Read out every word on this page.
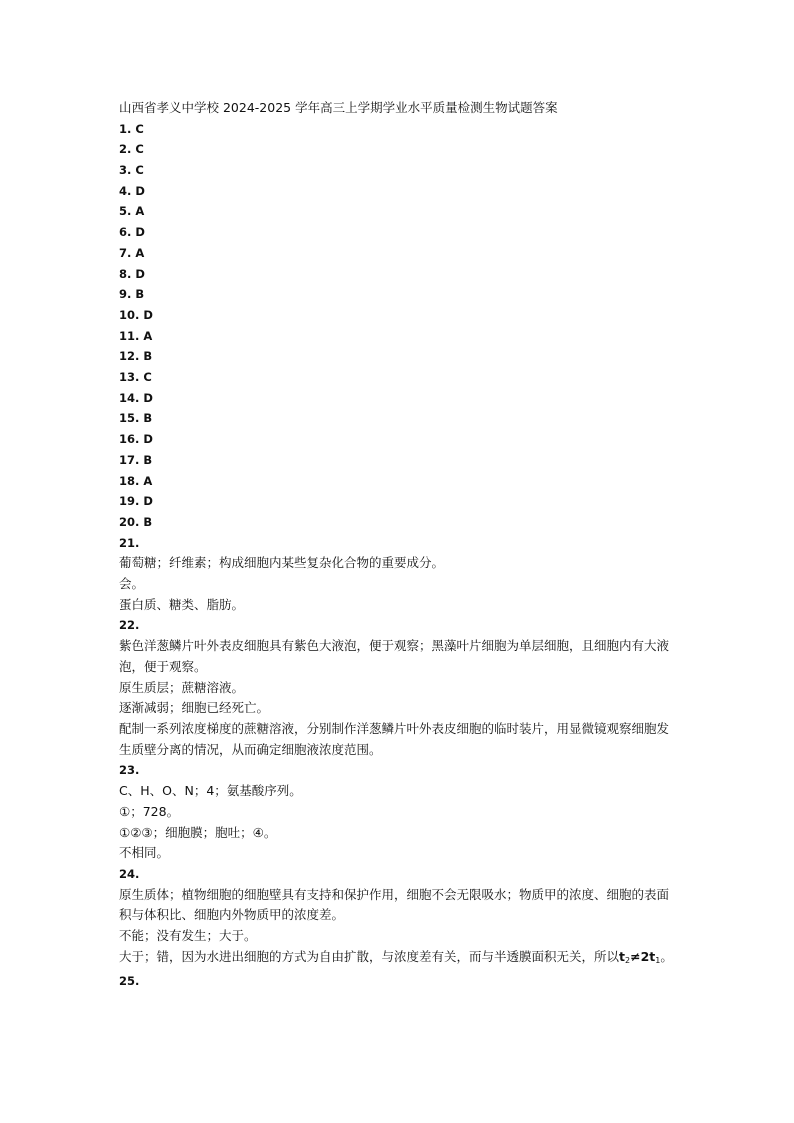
山西省孝义中学校 2024-2025 学年高三上学期学业水平质量检测生物试题答案
1. C
2. C
3. C
4. D
5. A
6. D
7. A
8. D
9. B
10. D
11. A
12. B
13. C
14. D
15. B
16. D
17. B
18. A
19. D
20. B
21.
葡萄糖；纤维素；构成细胞内某些复杂化合物的重要成分。
会。
蛋白质、糖类、脂肪。
22.
紫色洋葱鳞片叶外表皮细胞具有紫色大液泡，便于观察；黑藻叶片细胞为单层细胞，且细胞内有大液泡，便于观察。
原生质层；蔗糖溶液。
逐渐减弱；细胞已经死亡。
配制一系列浓度梯度的蔗糖溶液，分别制作洋葱鳞片叶外表皮细胞的临时装片，用显微镜观察细胞发生质壁分离的情况，从而确定细胞液浓度范围。
23.
C、H、O、N；4；氨基酸序列。
①；728。
①②③；细胞膜；胞吐；④。
不相同。
24.
原生质体；植物细胞的细胞壁具有支持和保护作用，细胞不会无限吸水；物质甲的浓度、细胞的表面积与体积比、细胞内外物质甲的浓度差。
不能；没有发生；大于。
大于；错，因为水进出细胞的方式为自由扩散，与浓度差有关，而与半透膜面积无关，所以$t_2\ne 2t_1$。
25.
